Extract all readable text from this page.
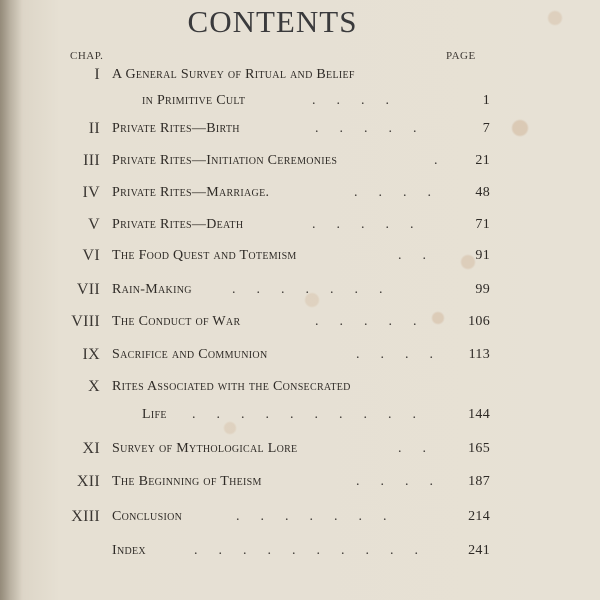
CONTENTS
CHAP.	PAGE
I A General Survey of Ritual and Belief
in Primitive Cult	....	1
II Private Rites—Birth	.....	7
III Private Rites—Initiation Ceremonies	. 21
IV Private Rites—Marriage.	.... 48
V Private Rites—Death	.....	71
VI The Food Quest and Totemism	.. 91
VII Rain-Making	.......	99
VIII The Conduct of War	..... 106
IX Sacrifice and Communion	.... 113
X Rites Associated with the Consecrated
Life .......... 144
XI Survey of Mythological Lore	.. 165
XII The Beginning of Theism	.... 187
XIII Conclusion	.......	214
Index	.......... 241
